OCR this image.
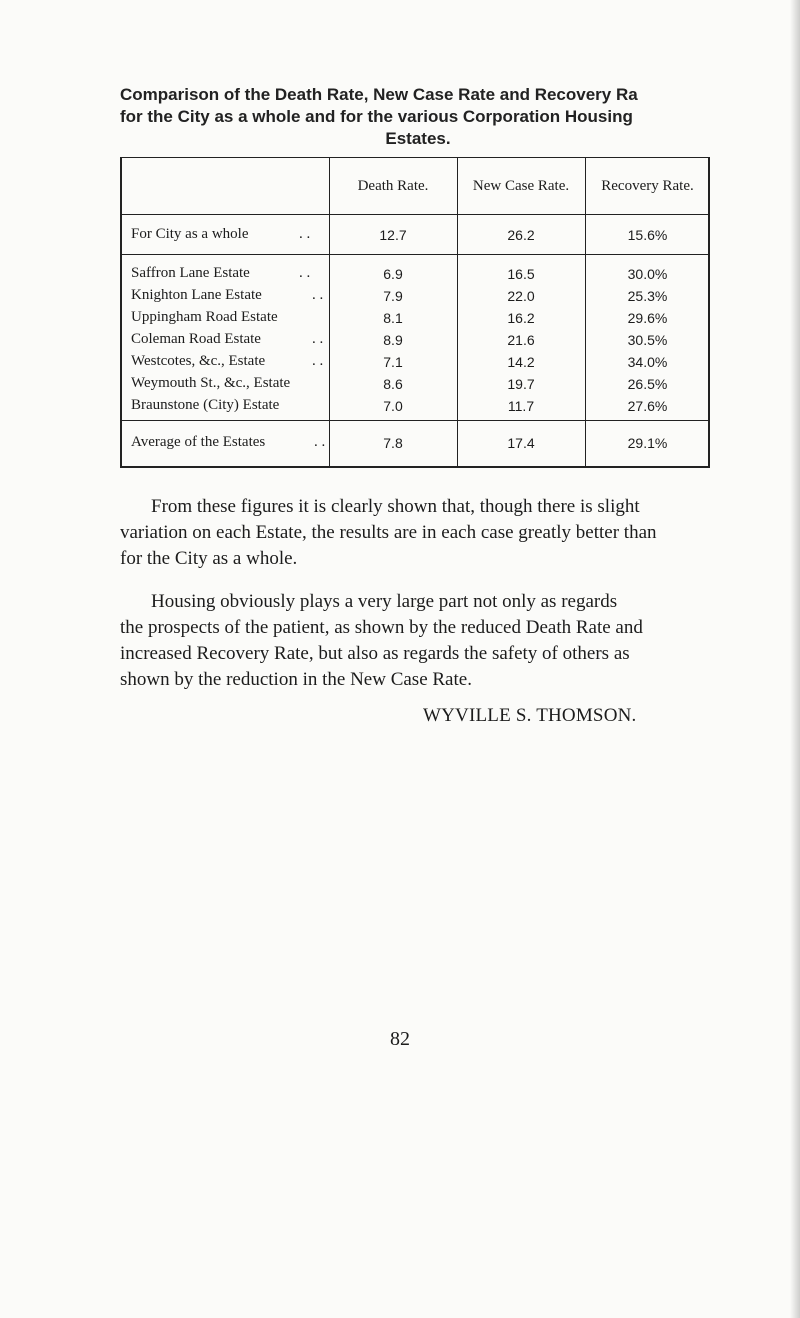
Comparison of the Death Rate, New Case Rate and Recovery Ra
for the City as a whole and for the various Corporation Housing
Estates.
Death Rate.	New Case Rate.	Recovery Rate.
For City as a whole	. .	12.7	26.2	15.6%
Saffron Lane Estate	. .	6.9	16.5	30.0%
Knighton Lane Estate	. .	7.9	22.0	25.3%
Uppingham Road Estate	8.1	16.2	29.6%
Coleman Road Estate	. .	8.9	21.6	30.5%
Westcotes, &c., Estate	. .	7.1	14.2	34.0%
Weymouth St., &c., Estate	8.6	19.7	26.5%
Braunstone (City) Estate	7.0	11.7	27.6%
Average of the Estates	. .	7.8	17.4	29.1%
From these figures it is clearly shown that, though there is slight
variation on each Estate, the results are in each case greatly better than
for the City as a whole.
Housing obviously plays a very large part not only as regards
the prospects of the patient, as shown by the reduced Death Rate and
increased Recovery Rate, but also as regards the safety of others as
shown by the reduction in the New Case Rate.
WYVILLE S. THOMSON.
82
